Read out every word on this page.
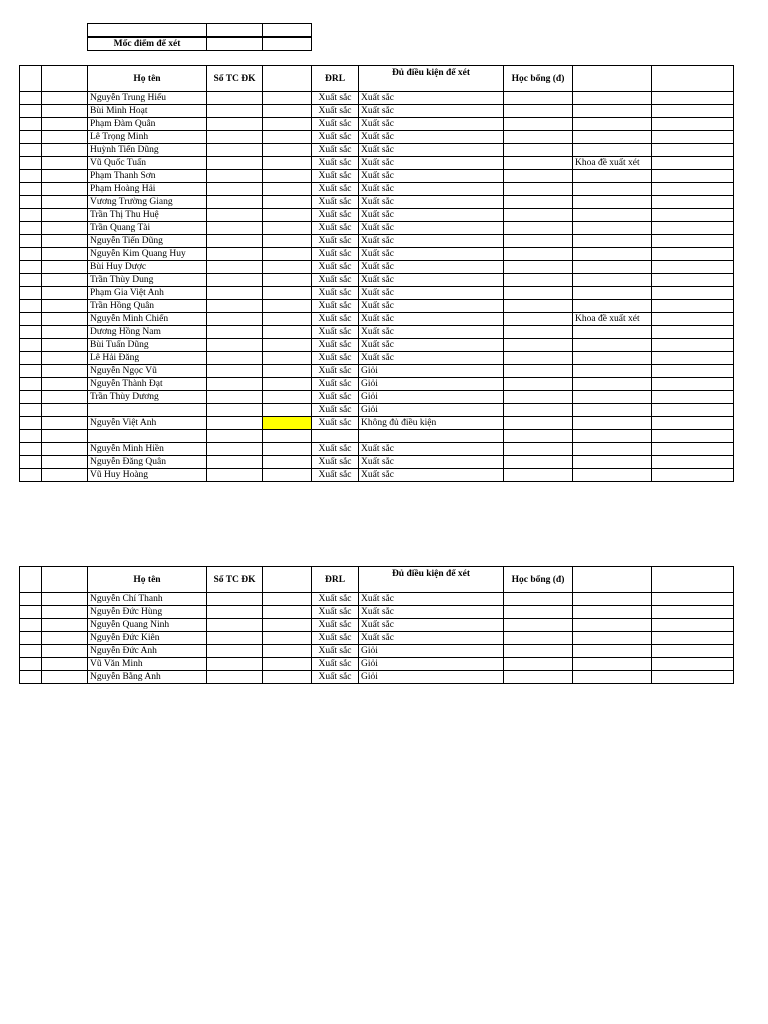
Mốc điểm để xét		
		Họ tên	Số TC ĐK		ĐRL	Đủ điều kiện để xét	Học bổng (đ)		
		Nguyễn Trung Hiếu			Xuất sắc	Xuất sắc			
		Bùi Minh Hoạt			Xuất sắc	Xuất sắc			
		Phạm Đàm Quân			Xuất sắc	Xuất sắc			
		Lê Trọng Minh			Xuất sắc	Xuất sắc			
		Huỳnh Tiến Dũng			Xuất sắc	Xuất sắc			
		Vũ Quốc Tuấn			Xuất sắc	Xuất sắc		Khoa đề xuất xét	
		Phạm Thanh Sơn			Xuất sắc	Xuất sắc			
		Phạm Hoàng Hải			Xuất sắc	Xuất sắc			
		Vương Trường Giang			Xuất sắc	Xuất sắc			
		Trần Thị Thu Huệ			Xuất sắc	Xuất sắc			
		Trần Quang Tài			Xuất sắc	Xuất sắc			
		Nguyễn Tiến Dũng			Xuất sắc	Xuất sắc			
		Nguyễn Kim Quang Huy			Xuất sắc	Xuất sắc			
		Bùi Huy Dược			Xuất sắc	Xuất sắc			
		Trần Thùy Dung			Xuất sắc	Xuất sắc			
		Phạm Gia Việt Anh			Xuất sắc	Xuất sắc			
		Trần Hồng Quân			Xuất sắc	Xuất sắc			
		Nguyễn Minh Chiến			Xuất sắc	Xuất sắc		Khoa đề xuất xét	
		Dương Hồng Nam			Xuất sắc	Xuất sắc			
		Bùi Tuấn Dũng			Xuất sắc	Xuất sắc			
		Lê Hải Đăng			Xuất sắc	Xuất sắc			
		Nguyễn Ngọc Vũ			Xuất sắc	Giỏi			
		Nguyễn Thành Đạt			Xuất sắc	Giỏi			
		Trần Thùy Dương			Xuất sắc	Giỏi			
					Xuất sắc	Giỏi			
		Nguyễn Việt Anh			Xuất sắc	Không đủ điều kiện			

		Nguyễn Minh Hiền			Xuất sắc	Xuất sắc			
		Nguyễn Đăng Quân			Xuất sắc	Xuất sắc			
		Vũ Huy Hoàng			Xuất sắc	Xuất sắc			
		Họ tên	Số TC ĐK		ĐRL	Đủ điều kiện để xét	Học bổng (đ)		
		Nguyễn Chí Thanh			Xuất sắc	Xuất sắc			
		Nguyễn Đức Hùng			Xuất sắc	Xuất sắc			
		Nguyễn Quang Ninh			Xuất sắc	Xuất sắc			
		Nguyễn Đức Kiên			Xuất sắc	Xuất sắc			
		Nguyễn Đức Anh			Xuất sắc	Giỏi			
		Vũ Văn Minh			Xuất sắc	Giỏi			
		Nguyễn Bằng Anh			Xuất sắc	Giỏi			
